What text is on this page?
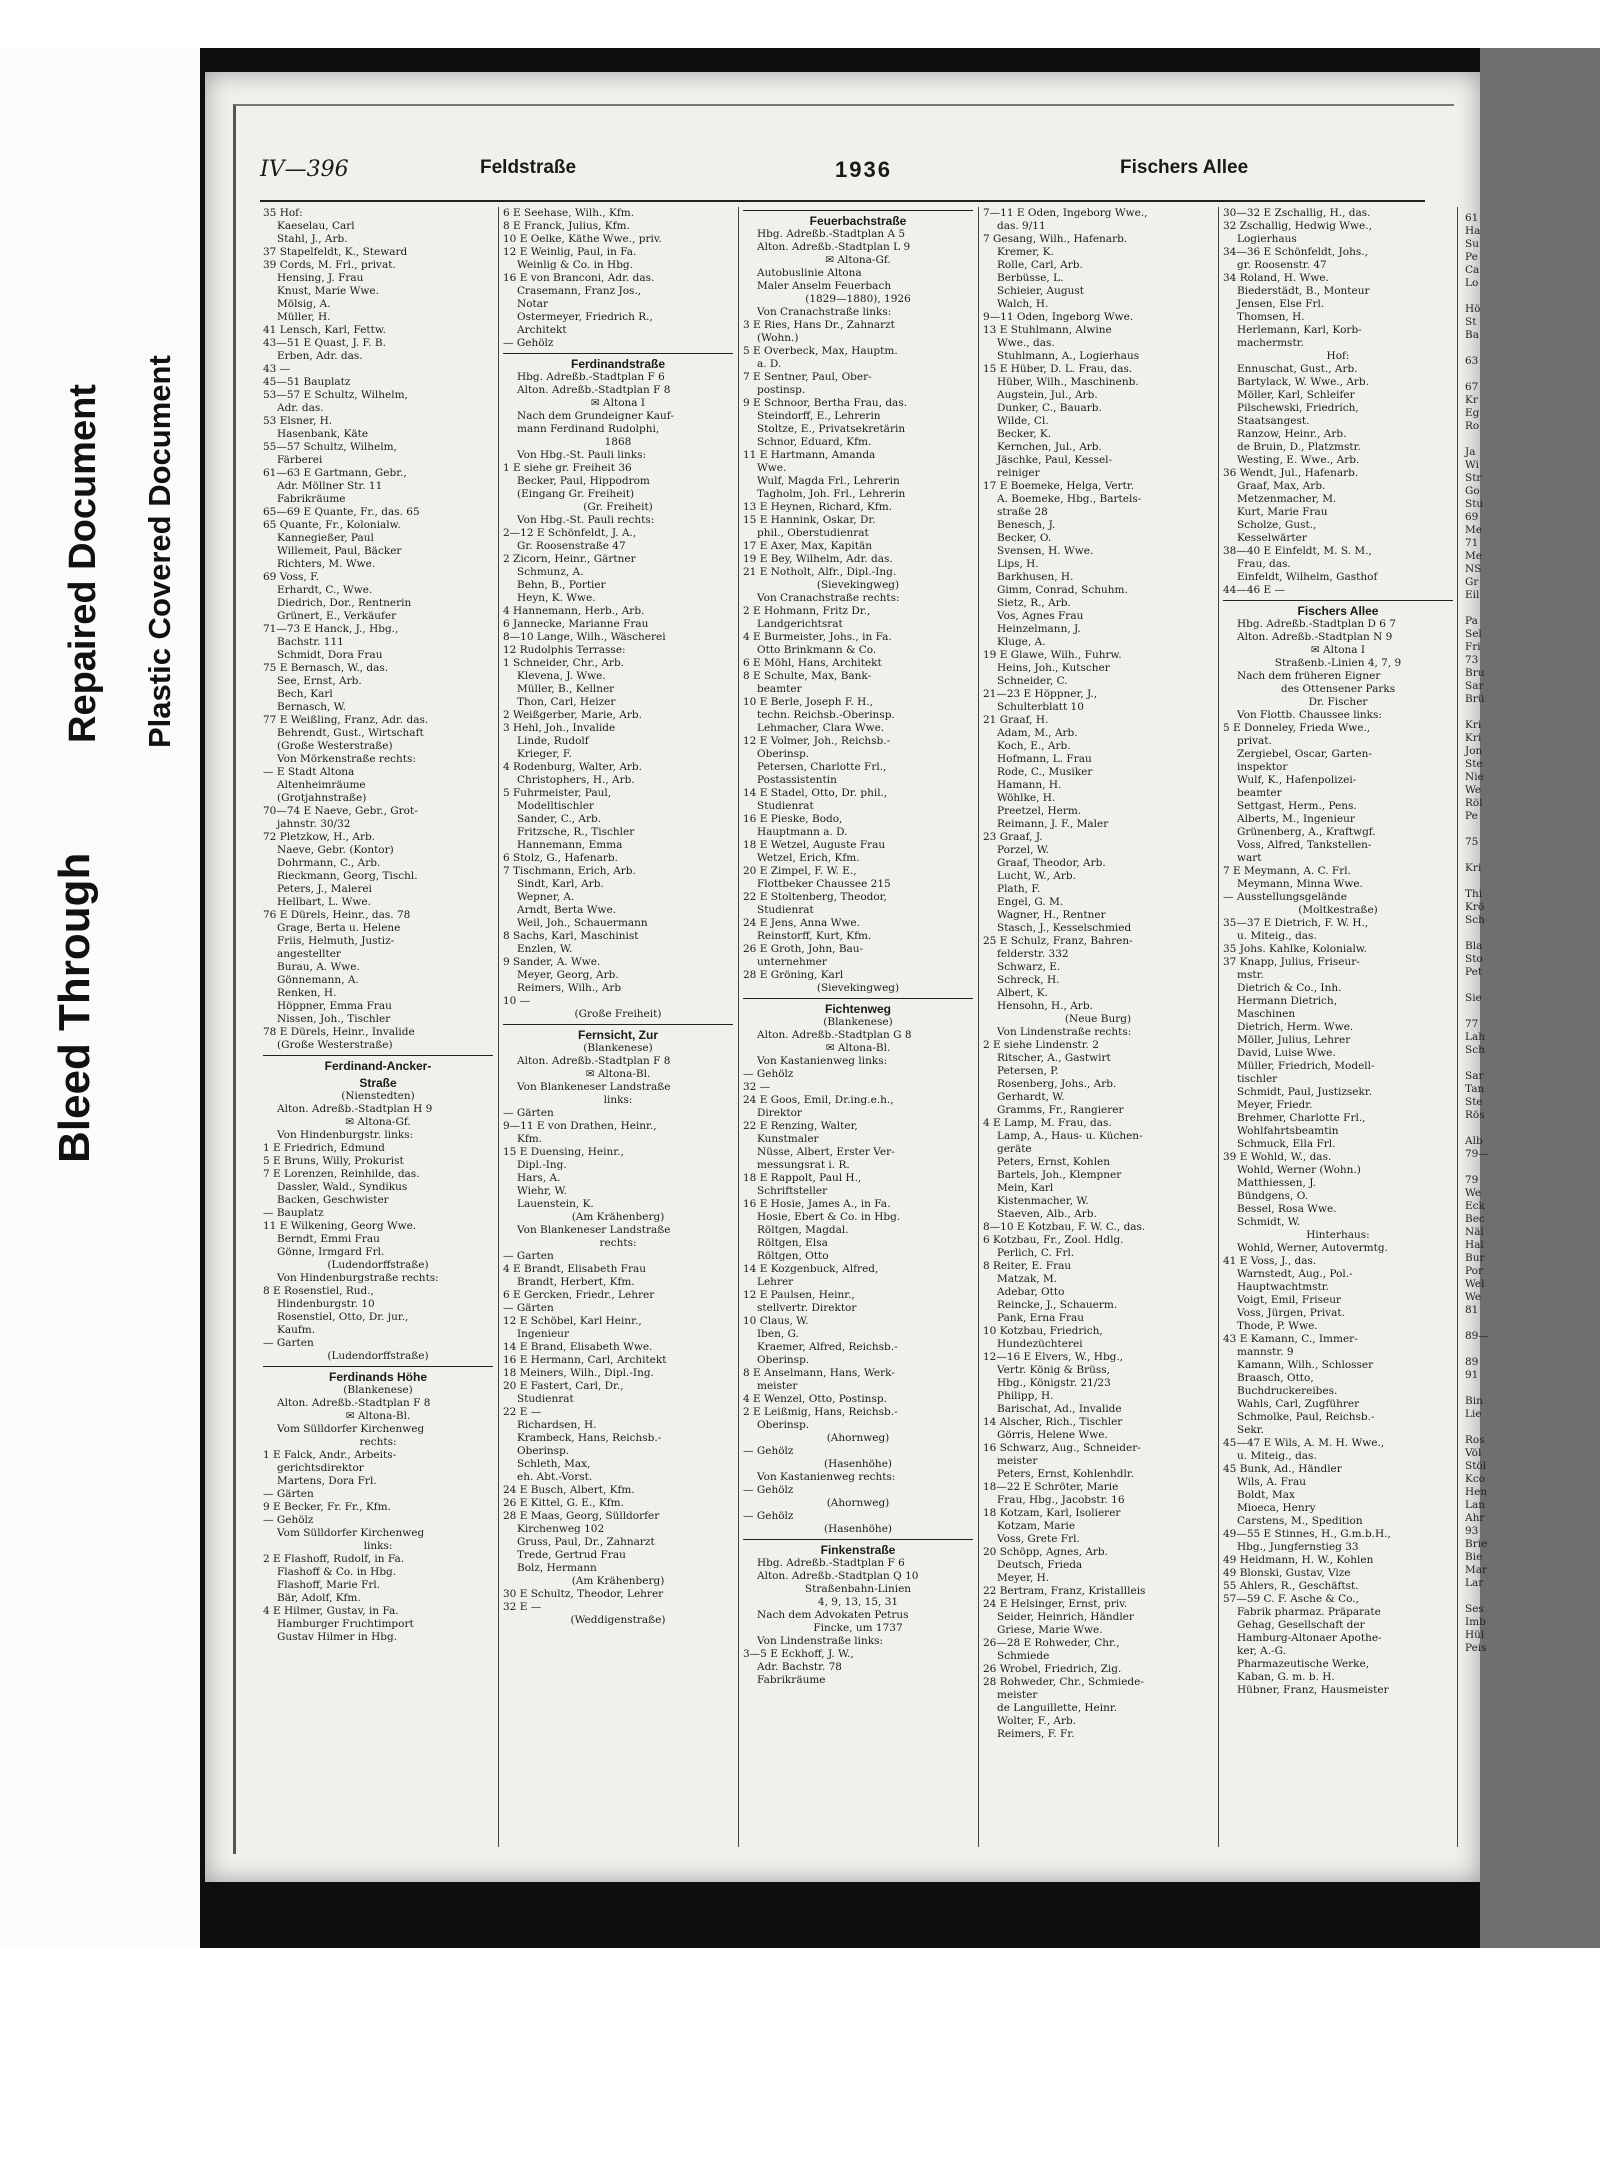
Bleed Through
Repaired Document Plastic Covered Document
IV—396	Feldstraße	1936	Fischers Allee

35 Hof:

Kaeselau, Carl

Stahl, J., Arb.

37 Stapelfeldt, K., Steward

39 Cords, M. Frl., privat.

Hensing, J. Frau

Knust, Marie Wwe.

Mölsig, A.

Müller, H.

41 Lensch, Karl, Fettw.

43—51 E Quast, J. F. B.

Erben, Adr. das.

43 —

45—51 Bauplatz

53—57 E Schultz, Wilhelm,

Adr. das.

53 Elsner, H.

Hasenbank, Käte

55—57 Schultz, Wilhelm,

Färberei

61—63 E Gartmann, Gebr.,

Adr. Möllner Str. 11

Fabrikräume

65—69 E Quante, Fr., das. 65

65 Quante, Fr., Kolonialw.

Kannegießer, Paul

Willemeit, Paul, Bäcker

Richters, M. Wwe.

69 Voss, F.

Erhardt, C., Wwe.

Diedrich, Dor., Rentnerin

Grünert, E., Verkäufer

71—73 E Hanck, J., Hbg.,

Bachstr. 111

Schmidt, Dora Frau

75 E Bernasch, W., das.

See, Ernst, Arb.

Bech, Karl

Bernasch, W.

77 E Weißling, Franz, Adr. das.

Behrendt, Gust., Wirtschaft

(Große Westerstraße)

Von Mörkenstraße rechts:

— E Stadt Altona

Altenheimräume

(Grotjahnstraße)

70—74 E Naeve, Gebr., Grot-

jahnstr. 30/32

72 Pletzkow, H., Arb.

Naeve, Gebr. (Kontor)

Dohrmann, C., Arb.

Rieckmann, Georg, Tischl.

Peters, J., Malerei

Hellbart, L. Wwe.

76 E Dürels, Heinr., das. 78

Grage, Berta u. Helene

Friis, Helmuth, Justiz-

angestellter

Burau, A. Wwe.

Gönnemann, A.

Renken, H.

Höppner, Emma Frau

Nissen, Joh., Tischler

78 E Dürels, Heinr., Invalide

(Große Westerstraße)

Ferdinand-Ancker-

Straße

(Nienstedten)

Alton. Adreßb.-Stadtplan H 9

✉ Altona-Gf.

Von Hindenburgstr. links:

1 E Friedrich, Edmund

5 E Bruns, Willy, Prokurist

7 E Lorenzen, Reinhilde, das.

Dassler, Wald., Syndikus

Backen, Geschwister

— Bauplatz

11 E Wilkening, Georg Wwe.

Berndt, Emmi Frau

Gönne, Irmgard Frl.

(Ludendorffstraße)

Von Hindenburgstraße rechts:

8 E Rosenstiel, Rud.,

Hindenburgstr. 10

Rosenstiel, Otto, Dr. jur.,

Kaufm.

— Garten

(Ludendorffstraße)

Ferdinands Höhe

(Blankenese)

Alton. Adreßb.-Stadtplan F 8

✉ Altona-Bl.

Vom Sülldorfer Kirchenweg

rechts:

1 E Falck, Andr., Arbeits-

gerichtsdirektor

Martens, Dora Frl.

— Gärten

9 E Becker, Fr. Fr., Kfm.

— Gehölz

Vom Sülldorfer Kirchenweg

links:

2 E Flashoff, Rudolf, in Fa.

Flashoff & Co. in Hbg.

Flashoff, Marie Frl.

Bär, Adolf, Kfm.

4 E Hilmer, Gustav, in Fa.

Hamburger Fruchtimport

Gustav Hilmer in Hbg.

6 E Seehase, Wilh., Kfm.

8 E Franck, Julius, Kfm.

10 E Oelke, Käthe Wwe., priv.

12 E Weinlig, Paul, in Fa.

Weinlig & Co. in Hbg.

16 E von Branconi, Adr. das.

Crasemann, Franz Jos.,

Notar

Ostermeyer, Friedrich R.,

Architekt

— Gehölz

Ferdinandstraße

Hbg. Adreßb.-Stadtplan F 6

Alton. Adreßb.-Stadtplan F 8

✉ Altona I

Nach dem Grundeigner Kauf-

mann Ferdinand Rudolphi,

1868

Von Hbg.-St. Pauli links:

1 E siehe gr. Freiheit 36

Becker, Paul, Hippodrom

(Eingang Gr. Freiheit)

(Gr. Freiheit)

Von Hbg.-St. Pauli rechts:

2—12 E Schönfeldt, J. A.,

Gr. Roosenstraße 47

2 Zicorn, Heinr., Gärtner

Schmunz, A.

Behn, B., Portier

Heyn, K. Wwe.

4 Hannemann, Herb., Arb.

6 Jannecke, Marianne Frau

8—10 Lange, Wilh., Wäscherei

12 Rudolphis Terrasse:

1 Schneider, Chr., Arb.

Klevena, J. Wwe.

Müller, B., Kellner

Thon, Carl, Heizer

2 Weißgerber, Marie, Arb.

3 Hehl, Joh., Invalide

Linde, Rudolf

Krieger, F.

4 Rodenburg, Walter, Arb.

Christophers, H., Arb.

5 Fuhrmeister, Paul,

Modelltischler

Sander, C., Arb.

Fritzsche, R., Tischler

Hannemann, Emma

6 Stolz, G., Hafenarb.

7 Tischmann, Erich, Arb.

Sindt, Karl, Arb.

Wepner, A.

Arndt, Berta Wwe.

Weil, Joh., Schauermann

8 Sachs, Karl, Maschinist

Enzlen, W.

9 Sander, A. Wwe.

Meyer, Georg, Arb.

Reimers, Wilh., Arb

10 —

(Große Freiheit)

Fernsicht, Zur

(Blankenese)

Alton. Adreßb.-Stadtplan F 8

✉ Altona-Bl.

Von Blankeneser Landstraße

links:

— Gärten

9—11 E von Drathen, Heinr.,

Kfm.

15 E Duensing, Heinr.,

Dipl.-Ing.

Hars, A.

Wiehr, W.

Lauenstein, K.

(Am Krähenberg)

Von Blankeneser Landstraße

rechts:

— Garten

4 E Brandt, Elisabeth Frau

Brandt, Herbert, Kfm.

6 E Gercken, Friedr., Lehrer

— Gärten

12 E Schöbel, Karl Heinr.,

Ingenieur

14 E Brand, Elisabeth Wwe.

16 E Hermann, Carl, Architekt

18 Meiners, Wilh., Dipl.-Ing.

20 E Fastert, Carl, Dr.,

Studienrat

22 E —

Richardsen, H.

Krambeck, Hans, Reichsb.-

Oberinsp.

Schleth, Max,

eh. Abt.-Vorst.

24 E Busch, Albert, Kfm.

26 E Kittel, G. E., Kfm.

28 E Maas, Georg, Sülldorfer

Kirchenweg 102

Gruss, Paul, Dr., Zahnarzt

Trede, Gertrud Frau

Bolz, Hermann

(Am Krähenberg)

30 E Schultz, Theodor, Lehrer

32 E —

(Weddigenstraße)

Feuerbachstraße

Hbg. Adreßb.-Stadtplan A 5

Alton. Adreßb.-Stadtplan L 9

✉ Altona-Gf.

Autobuslinie Altona

Maler Anselm Feuerbach

(1829—1880), 1926

Von Cranachstraße links:

3 E Ries, Hans Dr., Zahnarzt

(Wohn.)

5 E Overbeck, Max, Hauptm.

a. D.

7 E Sentner, Paul, Ober-

postinsp.

9 E Schnoor, Bertha Frau, das.

Steindorff, E., Lehrerin

Stoltze, E., Privatsekretärin

Schnor, Eduard, Kfm.

11 E Hartmann, Amanda

Wwe.

Wulf, Magda Frl., Lehrerin

Tagholm, Joh. Frl., Lehrerin

13 E Heynen, Richard, Kfm.

15 E Hannink, Oskar, Dr.

phil., Oberstudienrat

17 E Axer, Max, Kapitän

19 E Bey, Wilhelm, Adr. das.

21 E Notholt, Alfr., Dipl.-Ing.

(Sievekingweg)

Von Cranachstraße rechts:

2 E Hohmann, Fritz Dr.,

Landgerichtsrat

4 E Burmeister, Johs., in Fa.

Otto Brinkmann & Co.

6 E Möhl, Hans, Architekt

8 E Schulte, Max, Bank-

beamter

10 E Berle, Joseph F. H.,

techn. Reichsb.-Oberinsp.

Lehmacher, Clara Wwe.

12 E Volmer, Joh., Reichsb.-

Oberinsp.

Petersen, Charlotte Frl.,

Postassistentin

14 E Stadel, Otto, Dr. phil.,

Studienrat

16 E Pieske, Bodo,

Hauptmann a. D.

18 E Wetzel, Auguste Frau

Wetzel, Erich, Kfm.

20 E Zimpel, F. W. E.,

Flottbeker Chaussee 215

22 E Stoltenberg, Theodor,

Studienrat

24 E Jens, Anna Wwe.

Reinstorff, Kurt, Kfm.

26 E Groth, John, Bau-

unternehmer

28 E Gröning, Karl

(Sievekingweg)

Fichtenweg

(Blankenese)

Alton. Adreßb.-Stadtplan G 8

✉ Altona-Bl.

Von Kastanienweg links:

— Gehölz

32 —

24 E Goos, Emil, Dr.ing.e.h.,

Direktor

22 E Renzing, Walter,

Kunstmaler

Nüsse, Albert, Erster Ver-

messungsrat i. R.

18 E Rappolt, Paul H.,

Schriftsteller

16 E Hosie, James A., in Fa.

Hosie, Ebert & Co. in Hbg.

Röltgen, Magdal.

Röltgen, Elsa

Röltgen, Otto

14 E Kozgenbuck, Alfred,

Lehrer

12 E Paulsen, Heinr.,

stellvertr. Direktor

10 Claus, W.

Iben, G.

Kraemer, Alfred, Reichsb.-

Oberinsp.

8 E Anselmann, Hans, Werk-

meister

4 E Wenzel, Otto, Postinsp.

2 E Leißmig, Hans, Reichsb.-

Oberinsp.

(Ahornweg)

— Gehölz

(Hasenhöhe)

Von Kastanienweg rechts:

— Gehölz

(Ahornweg)

— Gehölz

(Hasenhöhe)

Finkenstraße

Hbg. Adreßb.-Stadtplan F 6

Alton. Adreßb.-Stadtplan Q 10

Straßenbahn-Linien

4, 9, 13, 15, 31

Nach dem Advokaten Petrus

Fincke, um 1737

Von Lindenstraße links:

3—5 E Eckhoff, J. W.,

Adr. Bachstr. 78

Fabrikräume

7—11 E Oden, Ingeborg Wwe.,

das. 9/11

7 Gesang, Wilh., Hafenarb.

Kremer, K.

Rolle, Carl, Arb.

Berbüsse, L.

Schieier, August

Walch, H.

9—11 Oden, Ingeborg Wwe.

13 E Stuhlmann, Alwine

Wwe., das.

Stuhlmann, A., Logierhaus

15 E Hüber, D. L. Frau, das.

Hüber, Wilh., Maschinenb.

Augstein, Jul., Arb.

Dunker, C., Bauarb.

Wilde, Cl.

Becker, K.

Kernchen, Jul., Arb.

Jäschke, Paul, Kessel-

reiniger

17 E Boemeke, Helga, Vertr.

A. Boemeke, Hbg., Bartels-

straße 28

Benesch, J.

Becker, O.

Svensen, H. Wwe.

Lips, H.

Barkhusen, H.

Gimm, Conrad, Schuhm.

Sietz, R., Arb.

Vos, Agnes Frau

Heinzelmann, J.

Kluge, A.

19 E Glawe, Wilh., Fuhrw.

Heins, Joh., Kutscher

Schneider, C.

21—23 E Höppner, J.,

Schulterblatt 10

21 Graaf, H.

Adam, M., Arb.

Koch, E., Arb.

Hofmann, L. Frau

Rode, C., Musiker

Hamann, H.

Wöhlke, H.

Preetzel, Herm.

Reimann, J. F., Maler

23 Graaf, J.

Porzel, W.

Graaf, Theodor, Arb.

Lucht, W., Arb.

Plath, F.

Engel, G. M.

Wagner, H., Rentner

Stasch, J., Kesselschmied

25 E Schulz, Franz, Bahren-

felderstr. 332

Schwarz, E.

Schreck, H.

Albert, K.

Hensohn, H., Arb.

(Neue Burg)

Von Lindenstraße rechts:

2 E siehe Lindenstr. 2

Ritscher, A., Gastwirt

Petersen, P.

Rosenberg, Johs., Arb.

Gerhardt, W.

Gramms, Fr., Rangierer

4 E Lamp, M. Frau, das.

Lamp, A., Haus- u. Küchen-

geräte

Peters, Ernst, Kohlen

Bartels, Joh., Klempner

Mein, Karl

Kistenmacher, W.

Staeven, Alb., Arb.

8—10 E Kotzbau, F. W. C., das.

6 Kotzbau, Fr., Zool. Hdlg.

Perlich, C. Frl.

8 Reiter, E. Frau

Matzak, M.

Adebar, Otto

Reincke, J., Schauerm.

Pank, Erna Frau

10 Kotzbau, Friedrich,

Hundezüchterei

12—16 E Elvers, W., Hbg.,

Vertr. König & Brüss,

Hbg., Königstr. 21/23

Philipp, H.

Barischat, Ad., Invalide

14 Alscher, Rich., Tischler

Görris, Helene Wwe.

16 Schwarz, Aug., Schneider-

meister

Peters, Ernst, Kohlenhdlr.

18—22 E Schröter, Marie

Frau, Hbg., Jacobstr. 16

18 Kotzam, Karl, Isolierer

Kotzam, Marie

Voss, Grete Frl.

20 Schöpp, Agnes, Arb.

Deutsch, Frieda

Meyer, H.

22 Bertram, Franz, Kristallleis

24 E Helsinger, Ernst, priv.

Seider, Heinrich, Händler

Griese, Marie Wwe.

26—28 E Rohweder, Chr.,

Schmiede

26 Wrobel, Friedrich, Zig.

28 Rohweder, Chr., Schmiede-

meister

de Languillette, Heinr.

Wolter, F., Arb.

Reimers, F. Fr.

30—32 E Zschallig, H., das.

32 Zschallig, Hedwig Wwe.,

Logierhaus

34—36 E Schönfeldt, Johs.,

gr. Roosenstr. 47

34 Roland, H. Wwe.

Biederstädt, B., Monteur

Jensen, Else Frl.

Thomsen, H.

Herlemann, Karl, Korb-

machermstr.

Hof:

Ennuschat, Gust., Arb.

Bartylack, W. Wwe., Arb.

Möller, Karl, Schleifer

Pilschewski, Friedrich,

Staatsangest.

Ranzow, Heinr., Arb.

de Bruin, D., Platzmstr.

Westing, E. Wwe., Arb.

36 Wendt, Jul., Hafenarb.

Graaf, Max, Arb.

Metzenmacher, M.

Kurt, Marie Frau

Scholze, Gust.,

Kesselwärter

38—40 E Einfeldt, M. S. M.,

Frau, das.

Einfeldt, Wilhelm, Gasthof

44—46 E —

Fischers Allee

Hbg. Adreßb.-Stadtplan D 6 7

Alton. Adreßb.-Stadtplan N 9

✉ Altona I

Straßenb.-Linien 4, 7, 9

Nach dem früheren Eigner

des Ottensener Parks

Dr. Fischer

Von Flottb. Chaussee links:

5 E Donneley, Frieda Wwe.,

privat.

Zergiebel, Oscar, Garten-

inspektor

Wulf, K., Hafenpolizei-

beamter

Settgast, Herm., Pens.

Alberts, M., Ingenieur

Grünenberg, A., Kraftwgf.

Voss, Alfred, Tankstellen-

wart

7 E Meymann, A. C. Frl.

Meymann, Minna Wwe.

— Ausstellungsgelände

(Moltkestraße)

35—37 E Dietrich, F. W. H.,

u. Miteig., das.

35 Johs. Kahlke, Kolonialw.

37 Knapp, Julius, Friseur-

mstr.

Dietrich & Co., Inh.

Hermann Dietrich,

Maschinen

Dietrich, Herm. Wwe.

Möller, Julius, Lehrer

David, Luise Wwe.

Müller, Friedrich, Modell-

tischler

Schmidt, Paul, Justizsekr.

Meyer, Friedr.

Brehmer, Charlotte Frl.,

Wohlfahrtsbeamtin

Schmuck, Ella Frl.

39 E Wohld, W., das.

Wohld, Werner (Wohn.)

Matthiessen, J.

Bündgens, O.

Bessel, Rosa Wwe.

Schmidt, W.

Hinterhaus:

Wohld, Werner, Autovermtg.

41 E Voss, J., das.

Warnstedt, Aug., Pol.-

Hauptwachtmstr.

Voigt, Emil, Friseur

Voss, Jürgen, Privat.

Thode, P. Wwe.

43 E Kamann, C., Immer-

mannstr. 9

Kamann, Wilh., Schlosser

Braasch, Otto,

Buchdruckereibes.

Wahls, Carl, Zugführer

Schmolke, Paul, Reichsb.-

Sekr.

45—47 E Wils, A. M. H. Wwe.,

u. Miteig., das.

45 Bunk, Ad., Händler

Wils, A. Frau

Boldt, Max

Mioeca, Henry

Carstens, M., Spedition

49—55 E Stinnes, H., G.m.b.H.,

Hbg., Jungfernstieg 33

49 Heidmann, H. W., Kohlen

49 Blonski, Gustav, Vize

55 Ahlers, R., Geschäftst.

57—59 C. F. Asche & Co.,

Fabrik pharmaz. Präparate

Gehag, Gesellschaft der

Hamburg-Altonaer Apothe-

ker, A.-G.

Pharmazeutische Werke,

Kaban, G. m. b. H.

Hübner, Franz, Hausmeister

61

Ha

Su

Pe

Ca

Lo

Hö

St

Ba

63

67

Kr

Eg

Ro

Ja

Wi

Str

Go

Stu

69

Me

71

Me

NS

Gr

Eil

Pa

Sel

Fri

73

Bru

Sar

Brü

Kri

Kri

Jon

Ste

Nie

We

Röl

Pe

75

Kri

Thi

Krö

Sch

Bla

Sto

Pet

Sie

77

Lah

Sch

Sar

Tan

Ste

Rös

Alb

79—

79

We

Eck

Bec

Näl

Hal

Bur

Por

Wel

We

81

89—

89

91

Bin

Lie

Ros

Völ

Stöl

Kco

Hen

Lan

Ahr

93

Brie

Bie

Mar

Lar

Ses

Imb

Hül

Peis
